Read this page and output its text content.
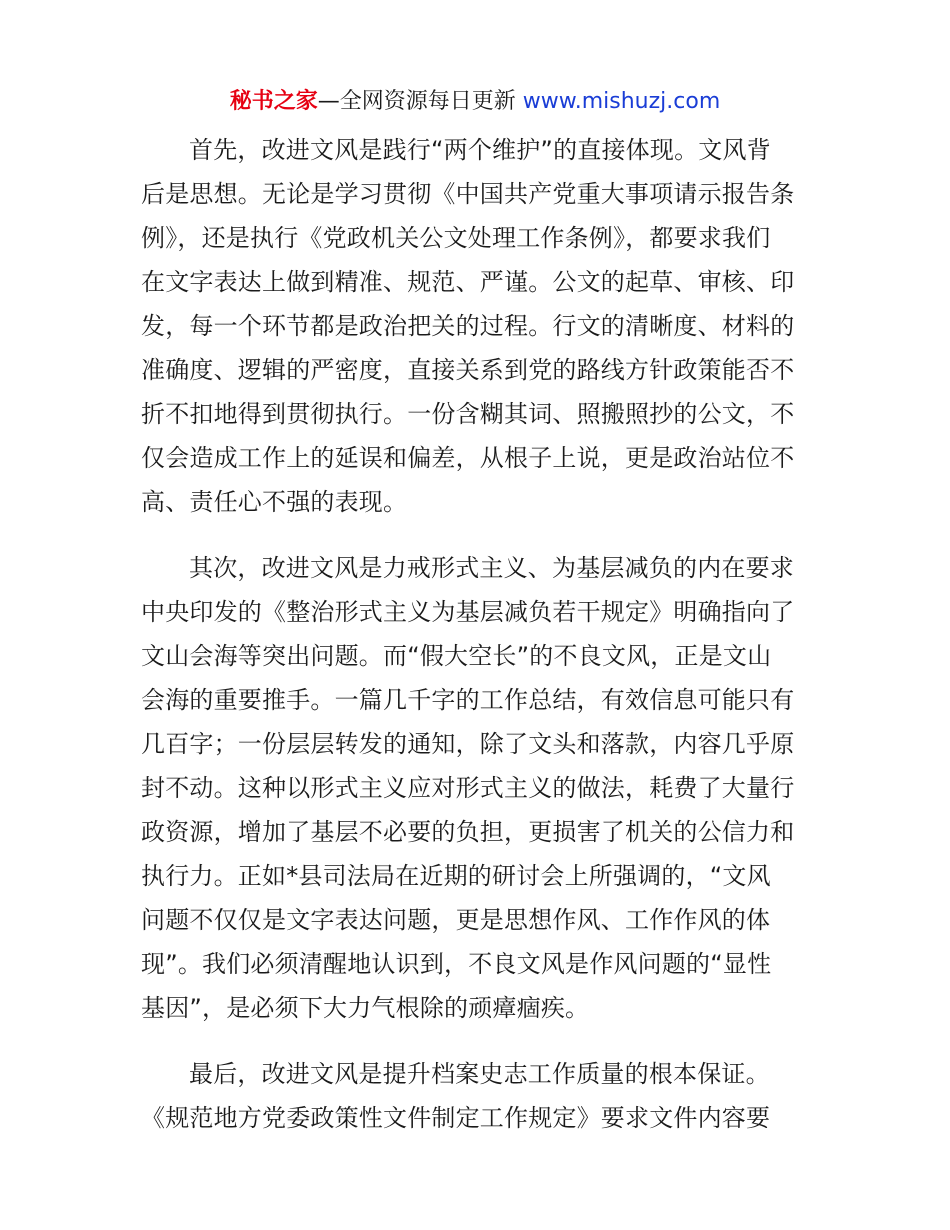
秘书之家—全网资源每日更新 www.mishuzj.com
首先，改进文风是践行“两个维护”的直接体现。文风背
后是思想。无论是学习贯彻《中国共产党重大事项请示报告条
例》，还是执行《党政机关公文处理工作条例》，都要求我们
在文字表达上做到精准、规范、严谨。公文的起草、审核、印
发，每一个环节都是政治把关的过程。行文的清晰度、材料的
准确度、逻辑的严密度，直接关系到党的路线方针政策能否不
折不扣地得到贯彻执行。一份含糊其词、照搬照抄的公文，不
仅会造成工作上的延误和偏差，从根子上说，更是政治站位不
高、责任心不强的表现。
其次，改进文风是力戒形式主义、为基层减负的内在要求
中央印发的《整治形式主义为基层减负若干规定》明确指向了
文山会海等突出问题。而“假大空长”的不良文风，正是文山
会海的重要推手。一篇几千字的工作总结，有效信息可能只有
几百字；一份层层转发的通知，除了文头和落款，内容几乎原
封不动。这种以形式主义应对形式主义的做法，耗费了大量行
政资源，增加了基层不必要的负担，更损害了机关的公信力和
执行力。正如*县司法局在近期的研讨会上所强调的，“文风
问题不仅仅是文字表达问题，更是思想作风、工作作风的体
现”。我们必须清醒地认识到，不良文风是作风问题的“显性
基因”，是必须下大力气根除的顽瘴痼疾。
最后，改进文风是提升档案史志工作质量的根本保证。
《规范地方党委政策性文件制定工作规定》要求文件内容要
